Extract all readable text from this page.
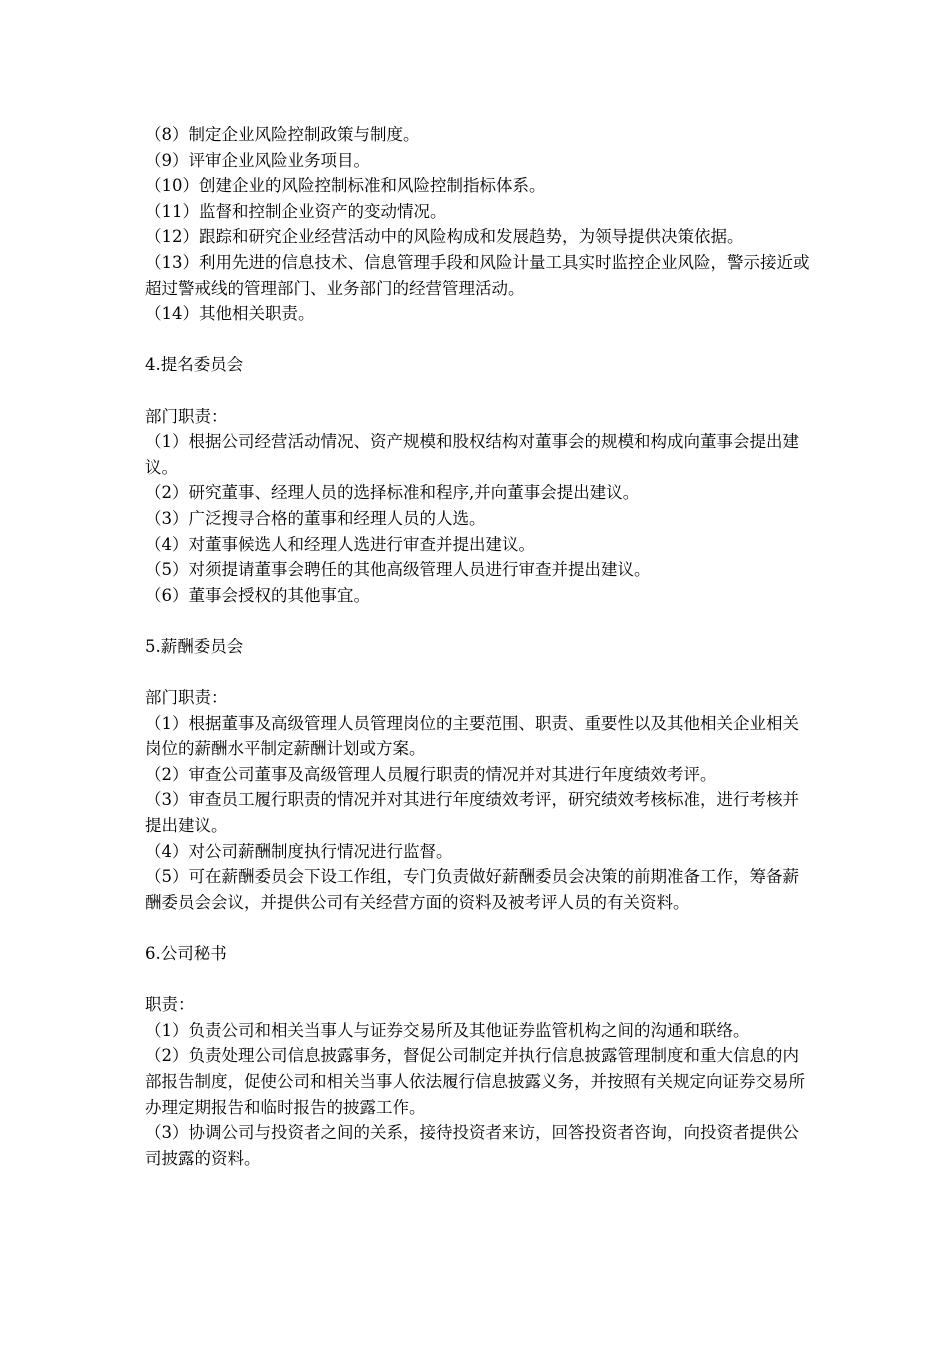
（8）制定企业风险控制政策与制度。

（9）评审企业风险业务项目。

（10）创建企业的风险控制标准和风险控制指标体系。

（11）监督和控制企业资产的变动情况。

（12）跟踪和研究企业经营活动中的风险构成和发展趋势，为领导提供决策依据。

（13）利用先进的信息技术、信息管理手段和风险计量工具实时监控企业风险，警示接近或超过警戒线的管理部门、业务部门的经营管理活动。

（14）其他相关职责。

4.提名委员会

部门职责：

（1）根据公司经营活动情况、资产规模和股权结构对董事会的规模和构成向董事会提出建议。

（2）研究董事、经理人员的选择标准和程序,并向董事会提出建议。

（3）广泛搜寻合格的董事和经理人员的人选。

（4）对董事候选人和经理人选进行审查并提出建议。

（5）对须提请董事会聘任的其他高级管理人员进行审查并提出建议。

（6）董事会授权的其他事宜。

5.薪酬委员会

部门职责：

（1）根据董事及高级管理人员管理岗位的主要范围、职责、重要性以及其他相关企业相关岗位的薪酬水平制定薪酬计划或方案。

（2）审查公司董事及高级管理人员履行职责的情况并对其进行年度绩效考评。

（3）审查员工履行职责的情况并对其进行年度绩效考评，研究绩效考核标准，进行考核并提出建议。

（4）对公司薪酬制度执行情况进行监督。

（5）可在薪酬委员会下设工作组，专门负责做好薪酬委员会决策的前期准备工作，筹备薪酬委员会会议，并提供公司有关经营方面的资料及被考评人员的有关资料。

6.公司秘书

职责：

（1）负责公司和相关当事人与证券交易所及其他证券监管机构之间的沟通和联络。

（2）负责处理公司信息披露事务，督促公司制定并执行信息披露管理制度和重大信息的内部报告制度，促使公司和相关当事人依法履行信息披露义务，并按照有关规定向证券交易所办理定期报告和临时报告的披露工作。

（3）协调公司与投资者之间的关系，接待投资者来访，回答投资者咨询，向投资者提供公司披露的资料。
